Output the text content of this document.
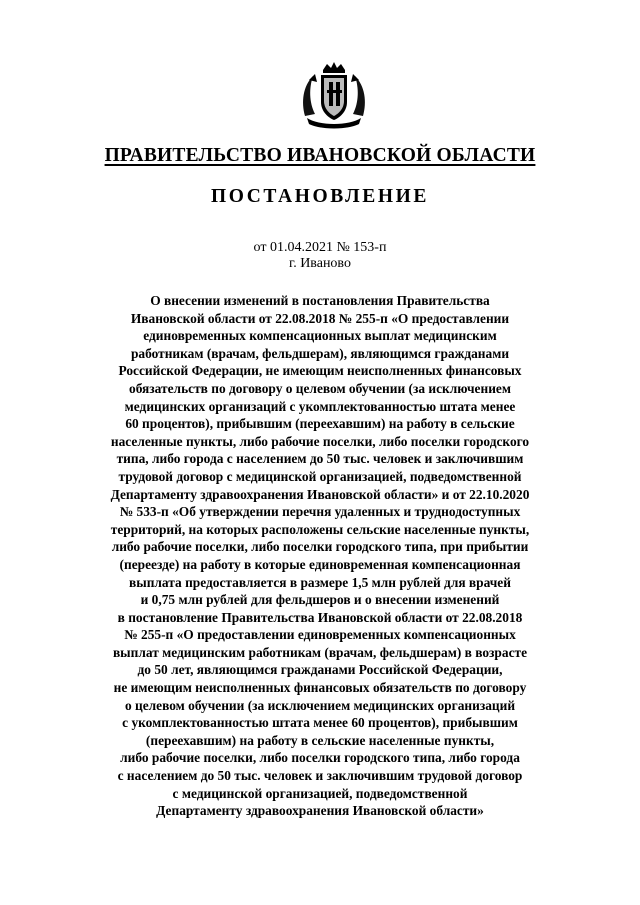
ПРАВИТЕЛЬСТВО ИВАНОВСКОЙ ОБЛАСТИ
ПОСТАНОВЛЕНИЕ
от 01.04.2021 № 153-п
г. Иваново
О внесении изменений в постановления Правительства
Ивановской области от 22.08.2018 № 255-п «О предоставлении
единовременных компенсационных выплат медицинским
работникам (врачам, фельдшерам), являющимся гражданами
Российской Федерации, не имеющим неисполненных финансовых
обязательств по договору о целевом обучении (за исключением
медицинских организаций с укомплектованностью штата менее
60 процентов), прибывшим (переехавшим) на работу в сельские
населенные пункты, либо рабочие поселки, либо поселки городского
типа, либо города с населением до 50 тыс. человек и заключившим
трудовой договор с медицинской организацией, подведомственной
Департаменту здравоохранения Ивановской области» и от 22.10.2020
№ 533-п «Об утверждении перечня удаленных и труднодоступных
территорий, на которых расположены сельские населенные пункты,
либо рабочие поселки, либо поселки городского типа, при прибытии
(переезде) на работу в которые единовременная компенсационная
выплата предоставляется в размере 1,5 млн рублей для врачей
и 0,75 млн рублей для фельдшеров и о внесении изменений
в постановление Правительства Ивановской области от 22.08.2018
№ 255-п «О предоставлении единовременных компенсационных
выплат медицинским работникам (врачам, фельдшерам) в возрасте
до 50 лет, являющимся гражданами Российской Федерации,
не имеющим неисполненных финансовых обязательств по договору
о целевом обучении (за исключением медицинских организаций
с укомплектованностью штата менее 60 процентов), прибывшим
(переехавшим) на работу в сельские населенные пункты,
либо рабочие поселки, либо поселки городского типа, либо города
с населением до 50 тыс. человек и заключившим трудовой договор
с медицинской организацией, подведомственной
Департаменту здравоохранения Ивановской области»
